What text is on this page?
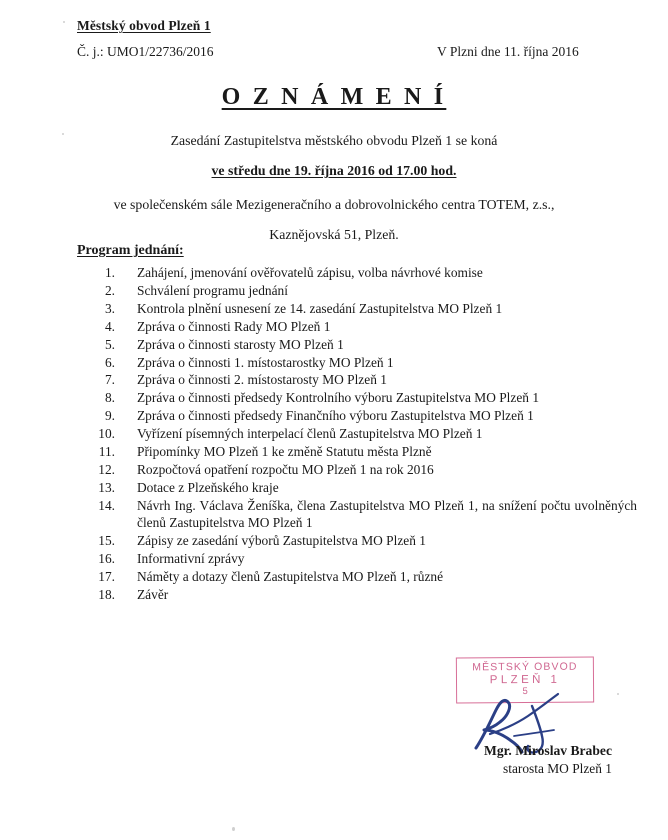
Městský obvod Plzeň 1
Č. j.: UMO1/22736/2016	V Plzni dne 11. října 2016
O Z N Á M E N Í
Zasedání Zastupitelstva městského obvodu Plzeň 1 se koná
ve středu dne 19. října 2016 od 17.00 hod.
ve společenském sále Mezigeneračního a dobrovolnického centra TOTEM, z.s.,
Kaznějovská 51, Plzeň.
Program jednání:
1.	Zahájení, jmenování ověřovatelů zápisu, volba návrhové komise
2.	Schválení programu jednání
3.	Kontrola plnění usnesení ze 14. zasedání Zastupitelstva MO Plzeň 1
4.	Zpráva o činnosti Rady MO Plzeň 1
5.	Zpráva o činnosti starosty MO Plzeň 1
6.	Zpráva o činnosti 1. místostarostky MO Plzeň 1
7.	Zpráva o činnosti 2. místostarosty MO Plzeň 1
8.	Zpráva o činnosti předsedy Kontrolního výboru Zastupitelstva MO Plzeň 1
9.	Zpráva o činnosti předsedy Finančního výboru Zastupitelstva MO Plzeň 1
10.	Vyřízení písemných interpelací členů Zastupitelstva MO Plzeň 1
11.	Připomínky MO Plzeň 1 ke změně Statutu města Plzně
12.	Rozpočtová opatření rozpočtu MO Plzeň 1 na rok 2016
13.	Dotace z Plzeňského kraje
14.	Návrh Ing. Václava Ženíška, člena Zastupitelstva MO Plzeň 1, na snížení počtu uvolněných členů Zastupitelstva MO Plzeň 1
15.	Zápisy ze zasedání výborů Zastupitelstva MO Plzeň 1
16.	Informativní zprávy
17.	Náměty a dotazy členů Zastupitelstva MO Plzeň 1, různé
18.	Závěr
MĚSTSKÝ OBVOD
PLZEŇ 1
5
Mgr. Miroslav Brabec
starosta MO Plzeň 1
